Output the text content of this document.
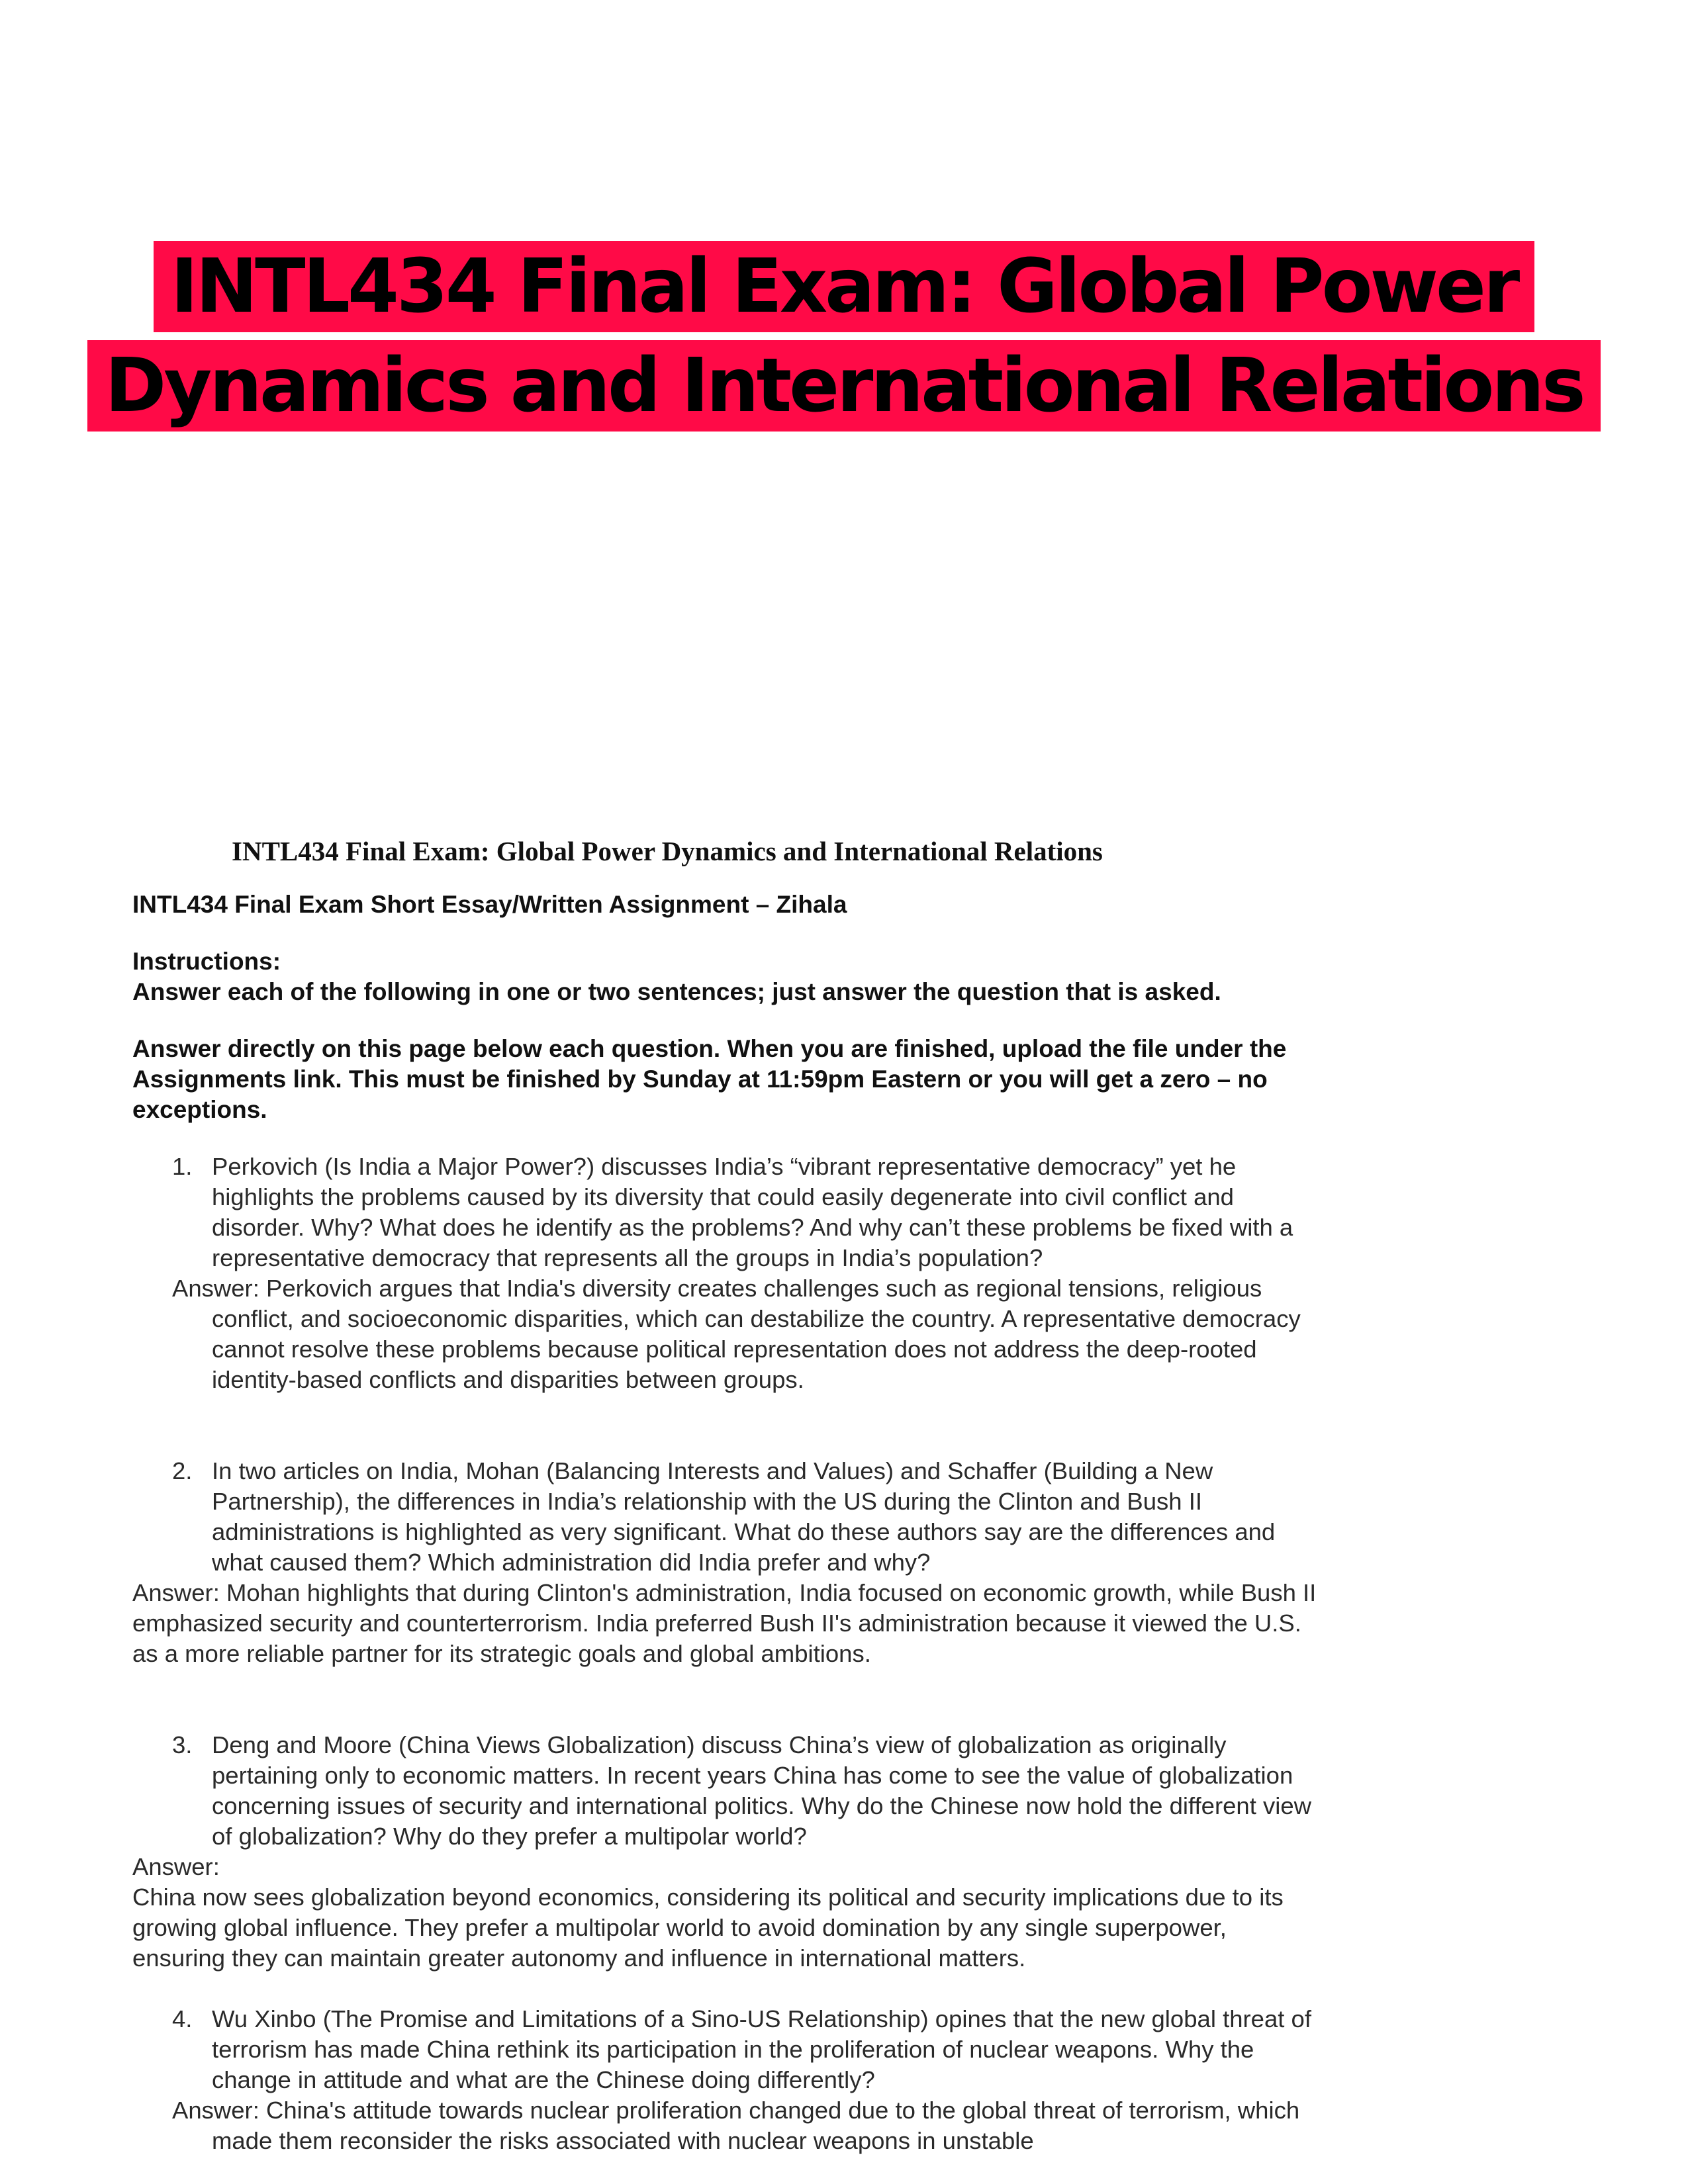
INTL434 Final Exam: Global Power
Dynamics and International Relations
INTL434 Final Exam: Global Power Dynamics and International Relations
INTL434 Final Exam Short Essay/Written Assignment – Zihala
Instructions:
Answer each of the following in one or two sentences; just answer the question that is asked.
Answer directly on this page below each question. When you are finished, upload the file under the Assignments link. This must be finished by Sunday at 11:59pm Eastern or you will get a zero – no exceptions.
1. Perkovich (Is India a Major Power?) discusses India’s “vibrant representative democracy” yet he highlights the problems caused by its diversity that could easily degenerate into civil conflict and disorder. Why? What does he identify as the problems? And why can’t these problems be fixed with a representative democracy that represents all the groups in India’s population?
Answer: Perkovich argues that India's diversity creates challenges such as regional tensions, religious conflict, and socioeconomic disparities, which can destabilize the country. A representative democracy cannot resolve these problems because political representation does not address the deep-rooted identity-based conflicts and disparities between groups.
2. In two articles on India, Mohan (Balancing Interests and Values) and Schaffer (Building a New Partnership), the differences in India’s relationship with the US during the Clinton and Bush II administrations is highlighted as very significant. What do these authors say are the differences and what caused them? Which administration did India prefer and why?
Answer: Mohan highlights that during Clinton's administration, India focused on economic growth, while Bush II emphasized security and counterterrorism. India preferred Bush II's administration because it viewed the U.S. as a more reliable partner for its strategic goals and global ambitions.
3. Deng and Moore (China Views Globalization) discuss China’s view of globalization as originally pertaining only to economic matters. In recent years China has come to see the value of globalization concerning issues of security and international politics. Why do the Chinese now hold the different view of globalization? Why do they prefer a multipolar world?
Answer:
China now sees globalization beyond economics, considering its political and security implications due to its growing global influence. They prefer a multipolar world to avoid domination by any single superpower, ensuring they can maintain greater autonomy and influence in international matters.
4. Wu Xinbo (The Promise and Limitations of a Sino-US Relationship) opines that the new global threat of terrorism has made China rethink its participation in the proliferation of nuclear weapons. Why the change in attitude and what are the Chinese doing differently?
Answer: China's attitude towards nuclear proliferation changed due to the global threat of terrorism, which made them reconsider the risks associated with nuclear weapons in unstable
